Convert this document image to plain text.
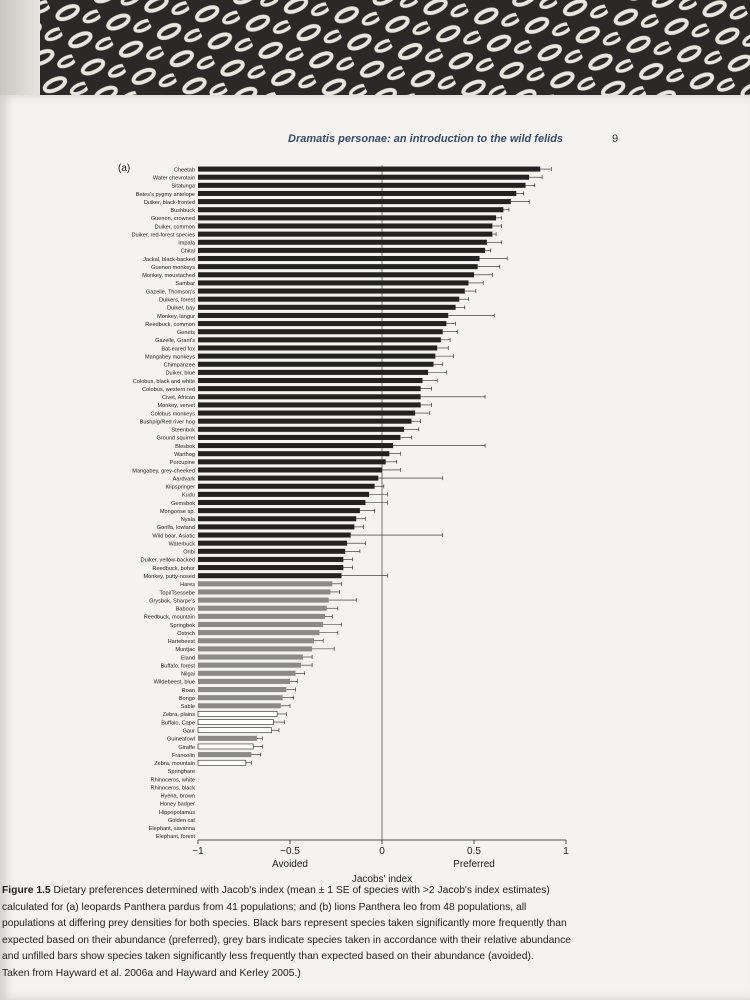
Dramatis personae: an introduction to the wild felids	9
(a)	Cheetah
Water chevrotain
Sitatunga
Bates's pygmy antelope
Duiker, black-fronted
Bushbuck
Guenon, crowned
Duiker, common
Duiker, red-forest species
Impala
Chital
Jackal, black-backed
Guenon monkeys
Monkey, moustached
Sambar
Gazelle, Thomson's
Duikers, forest
Duiker, bay
Monkey, langur
Reedbuck, common
Genets
Gazelle, Grant's
Bat-eared fox
Mangabey monkeys
Chimpanzee
Duiker, blue
Colobus, black and white
Colobus, western red
Civet, African
Monkey, vervet
Colobus monkeys
Bushpig/Red river hog
Steenbok
Ground squirrel
Blesbok
Warthog
Porcupine
Mangabey, grey-cheeked
Aardvark
Klipspringer
Kudu
Gemsbok
Mongoose sp.
Nyala
Gorilla, lowland
Wild boar, Asiatic
Waterbuck
Oribi
Duiker, yellow-backed
Reedbuck, bohor
Monkey, putty-nosed
Hares
Topi/Tsessebe
Grysbok, Sharpe's
Baboon
Reedbuck, mountain
Springbok
Ostrich
Hartebeest
Muntjac
Eland
Buffalo, forest
Nilgai
Wildebeest, blue
Roan
Bongo
Sable
Zebra, plains
Buffalo, Cape
Gaur
Guineafowl
Giraffe
Francolin
Zebra, mountain
Springhare
Rhinoceros, white
Rhinoceros, black
Hyena, brown
Honey badger
Hippopotamus
Golden cat
Elephant, savanna
Elephant, forest
−1	−0.5	0	0.5	1
Avoided	Preferred
Jacobs' index
Figure 1.5 Dietary preferences determined with Jacob's index (mean ± 1 SE of species with >2 Jacob's index estimates)
calculated for (a) leopards Panthera pardus from 41 populations; and (b) lions Panthera leo from 48 populations, all
populations at differing prey densities for both species. Black bars represent species taken significantly more frequently than
expected based on their abundance (preferred), grey bars indicate species taken in accordance with their relative abundance
and unfilled bars show species taken significantly less frequently than expected based on their abundance (avoided).
Taken from Hayward et al. 2006a and Hayward and Kerley 2005.)
